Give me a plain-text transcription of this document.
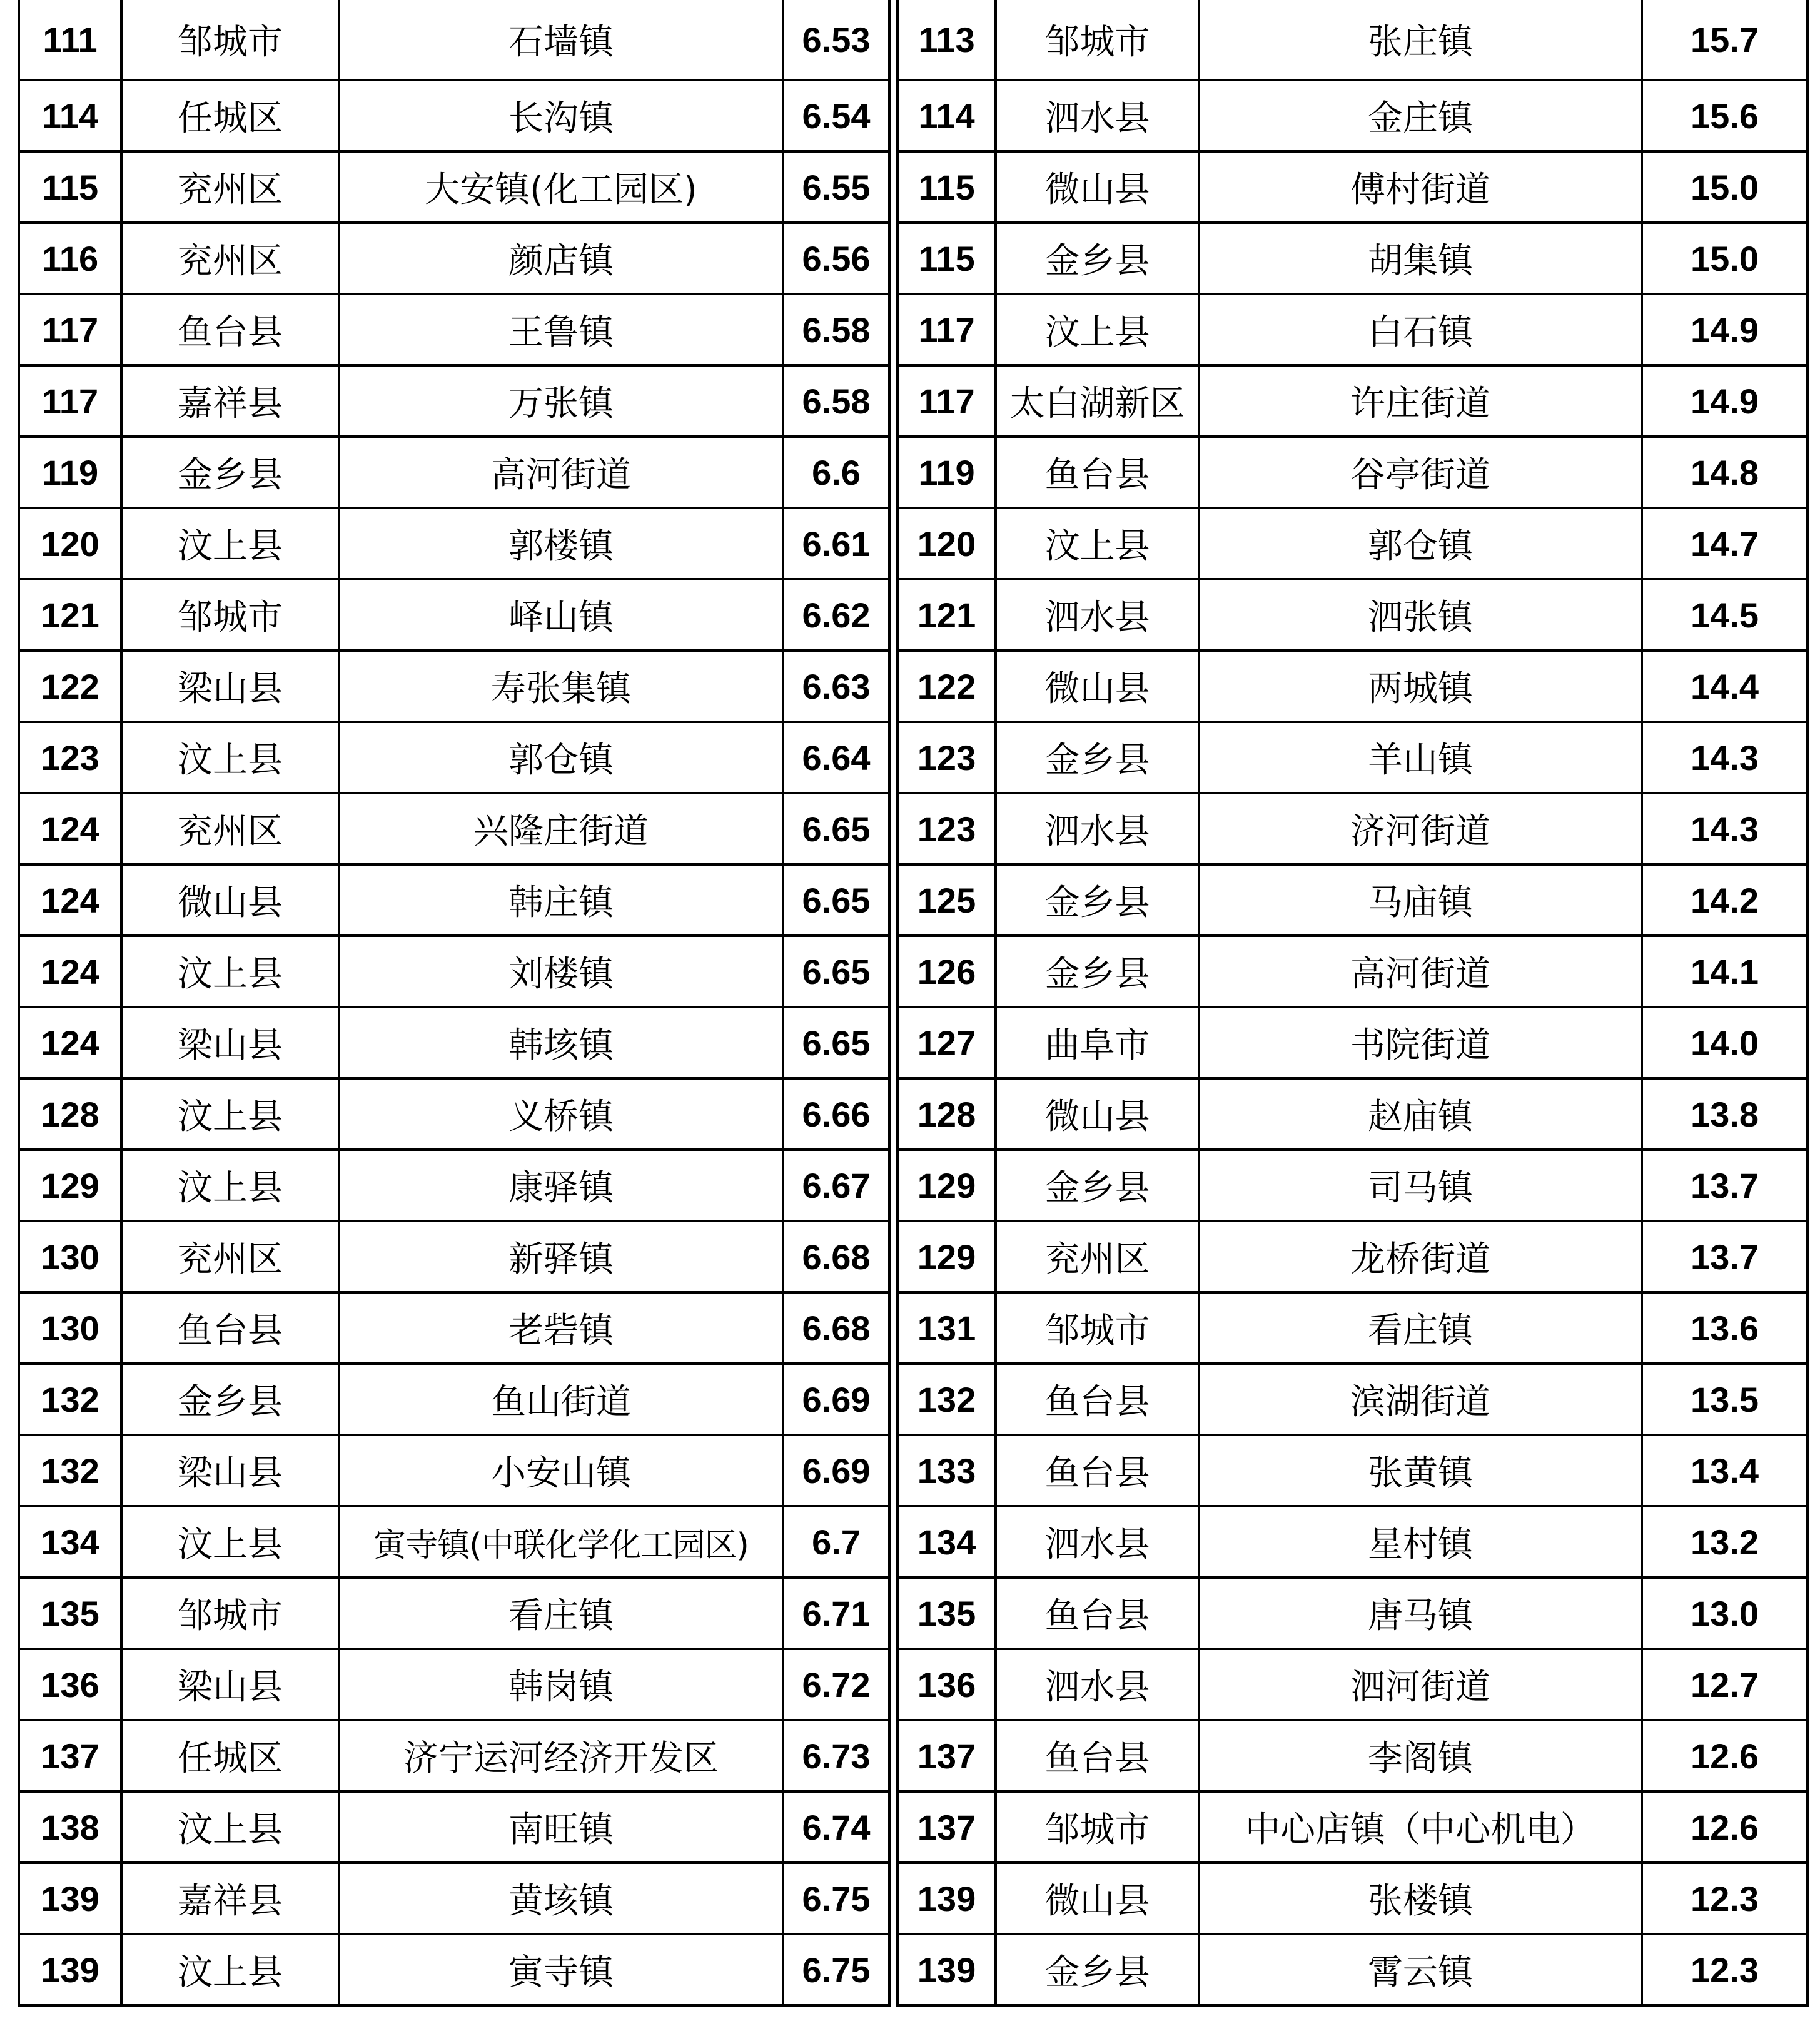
111	邹城市	石墙镇	6.53
114	任城区	长沟镇	6.54
115	兖州区	大安镇(化工园区)	6.55
116	兖州区	颜店镇	6.56
117	鱼台县	王鲁镇	6.58
117	嘉祥县	万张镇	6.58
119	金乡县	高河街道	6.6
120	汶上县	郭楼镇	6.61
121	邹城市	峄山镇	6.62
122	梁山县	寿张集镇	6.63
123	汶上县	郭仓镇	6.64
124	兖州区	兴隆庄街道	6.65
124	微山县	韩庄镇	6.65
124	汶上县	刘楼镇	6.65
124	梁山县	韩垓镇	6.65
128	汶上县	义桥镇	6.66
129	汶上县	康驿镇	6.67
130	兖州区	新驿镇	6.68
130	鱼台县	老砦镇	6.68
132	金乡县	鱼山街道	6.69
132	梁山县	小安山镇	6.69
134	汶上县	寅寺镇(中联化学化工园区)	6.7
135	邹城市	看庄镇	6.71
136	梁山县	韩岗镇	6.72
137	任城区	济宁运河经济开发区	6.73
138	汶上县	南旺镇	6.74
139	嘉祥县	黄垓镇	6.75
139	汶上县	寅寺镇	6.75
113	邹城市	张庄镇	15.7
114	泗水县	金庄镇	15.6
115	微山县	傅村街道	15.0
115	金乡县	胡集镇	15.0
117	汶上县	白石镇	14.9
117	太白湖新区	许庄街道	14.9
119	鱼台县	谷亭街道	14.8
120	汶上县	郭仓镇	14.7
121	泗水县	泗张镇	14.5
122	微山县	两城镇	14.4
123	金乡县	羊山镇	14.3
123	泗水县	济河街道	14.3
125	金乡县	马庙镇	14.2
126	金乡县	高河街道	14.1
127	曲阜市	书院街道	14.0
128	微山县	赵庙镇	13.8
129	金乡县	司马镇	13.7
129	兖州区	龙桥街道	13.7
131	邹城市	看庄镇	13.6
132	鱼台县	滨湖街道	13.5
133	鱼台县	张黄镇	13.4
134	泗水县	星村镇	13.2
135	鱼台县	唐马镇	13.0
136	泗水县	泗河街道	12.7
137	鱼台县	李阁镇	12.6
137	邹城市	中心店镇（中心机电）	12.6
139	微山县	张楼镇	12.3
139	金乡县	霄云镇	12.3
